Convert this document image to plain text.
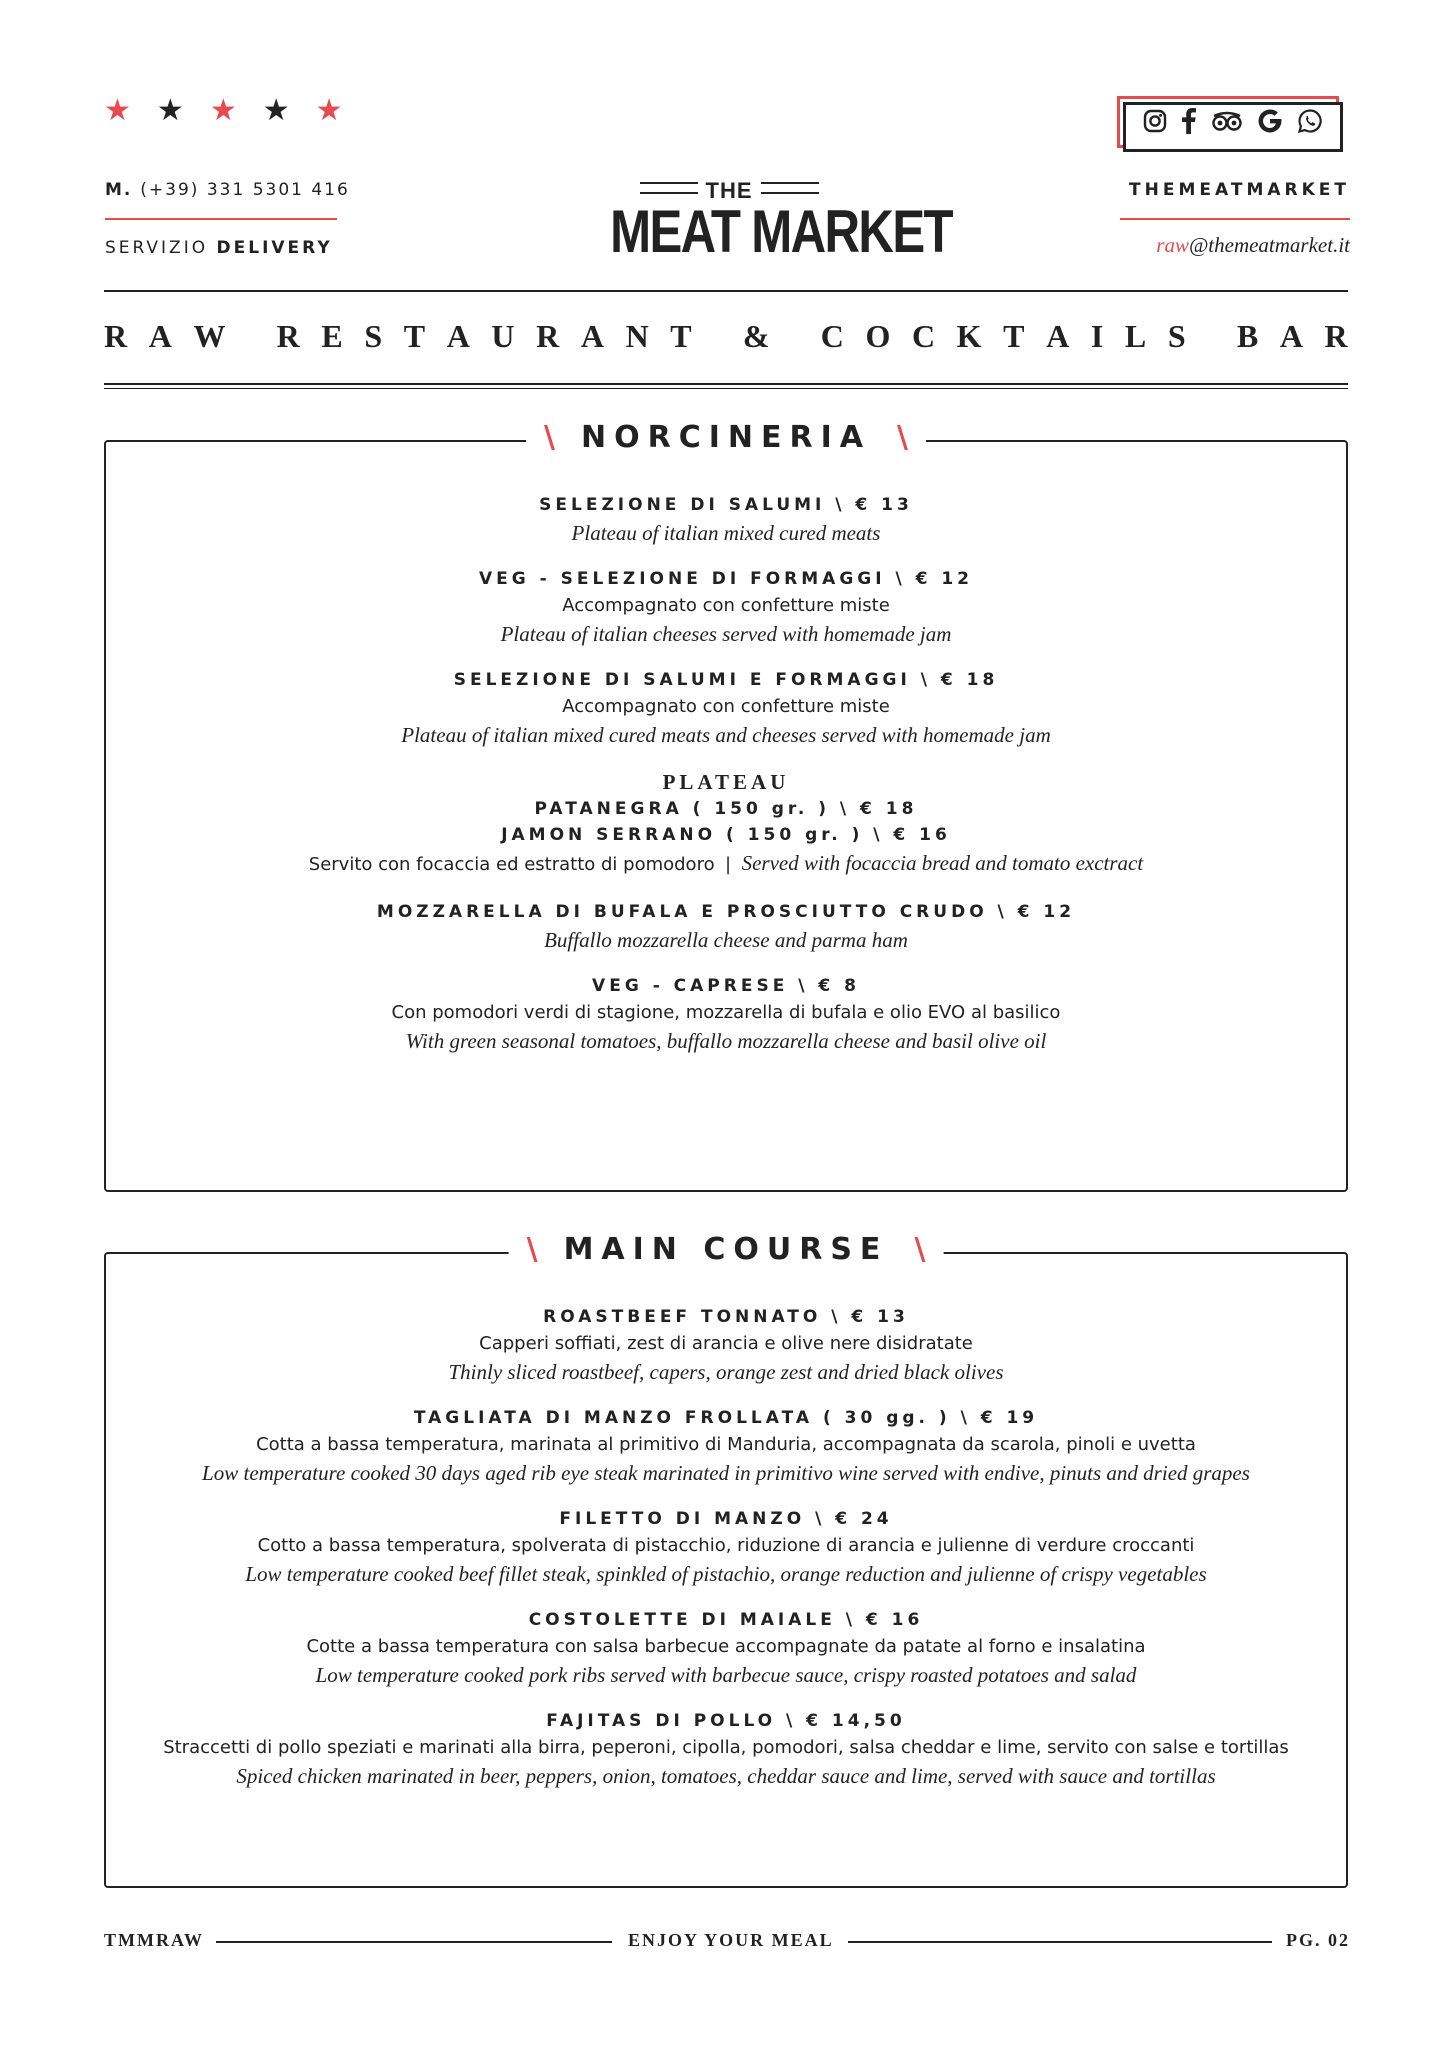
★ ★ ★ ★ ★
M. (+39) 331 5301 416
SERVIZIO DELIVERY
THE
MEAT MARKET
THEMEATMARKET
raw@themeatmarket.it
R A W
R E S T A U R A N T
&
C O C K T A I L S
B A R
\ NORCINERIA \
SELEZIONE DI SALUMI \ € 13
Plateau of italian mixed cured meats
VEG - SELEZIONE DI FORMAGGI \ € 12
Accompagnato con confetture miste
Plateau of italian cheeses served with homemade jam
SELEZIONE DI SALUMI E FORMAGGI \ € 18
Accompagnato con confetture miste
Plateau of italian mixed cured meats and cheeses served with homemade jam
PLATEAU
PATANEGRA ( 150 gr. ) \ € 18
JAMON SERRANO ( 150 gr. ) \ € 16
Servito con focaccia ed estratto di pomodoro | Served with focaccia bread and tomato exctract
MOZZARELLA DI BUFALA E PROSCIUTTO CRUDO \ € 12
Buffallo mozzarella cheese and parma ham
VEG - CAPRESE \ € 8
Con pomodori verdi di stagione, mozzarella di bufala e olio EVO al basilico
With green seasonal tomatoes, buffallo mozzarella cheese and basil olive oil
\ MAIN COURSE \
ROASTBEEF TONNATO \ € 13
Capperi soffiati, zest di arancia e olive nere disidratate
Thinly sliced roastbeef, capers, orange zest and dried black olives
TAGLIATA DI MANZO FROLLATA ( 30 gg. ) \ € 19
Cotta a bassa temperatura, marinata al primitivo di Manduria, accompagnata da scarola, pinoli e uvetta
Low temperature cooked 30 days aged rib eye steak marinated in primitivo wine served with endive, pinuts and dried grapes
FILETTO DI MANZO \ € 24
Cotto a bassa temperatura, spolverata di pistacchio, riduzione di arancia e julienne di verdure croccanti
Low temperature cooked beef fillet steak, spinkled of pistachio, orange reduction and julienne of crispy vegetables
COSTOLETTE DI MAIALE \ € 16
Cotte a bassa temperatura con salsa barbecue accompagnate da patate al forno e insalatina
Low temperature cooked pork ribs served with barbecue sauce, crispy roasted potatoes and salad
FAJITAS DI POLLO \ € 14,50
Straccetti di pollo speziati e marinati alla birra, peperoni, cipolla, pomodori, salsa cheddar e lime, servito con salse e tortillas
Spiced chicken marinated in beer, peppers, onion, tomatoes, cheddar sauce and lime, served with sauce and tortillas
TMMRAW	ENJOY YOUR MEAL	PG. 02
